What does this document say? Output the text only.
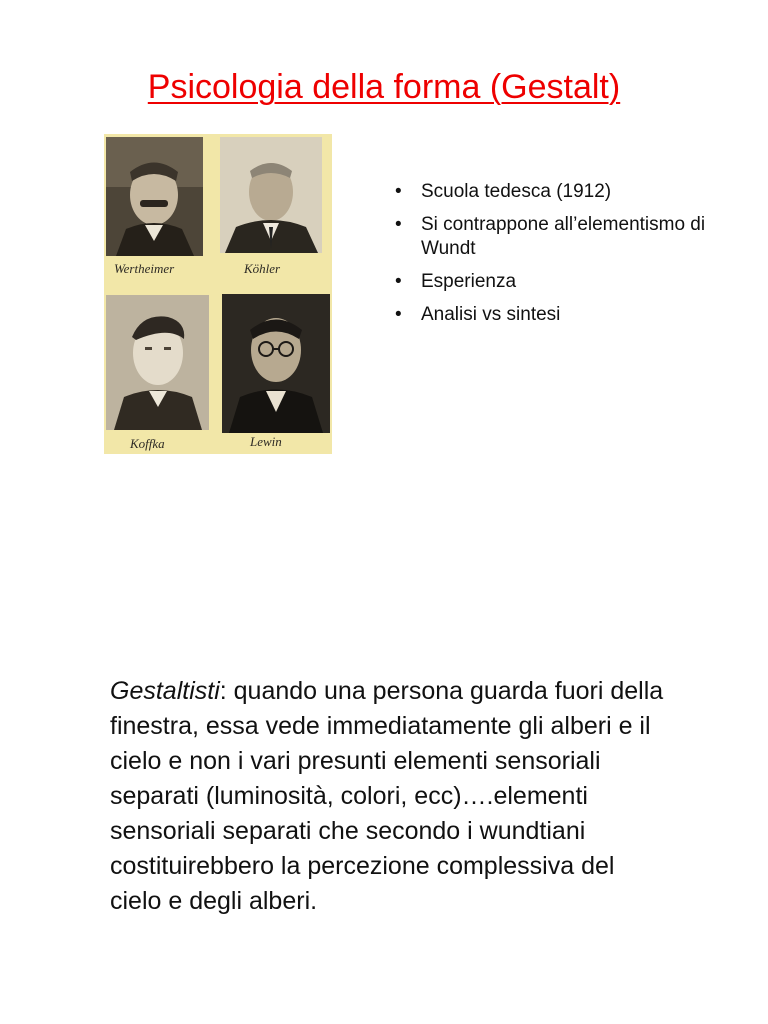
Psicologia della forma (Gestalt)
Wertheimer	Köhler
Koffka	Lewin
• Scuola tedesca (1912)
• Si contrappone all’elementismo di Wundt
• Esperienza
• Analisi vs sintesi

Gestaltisti: quando una persona guarda fuori della finestra, essa vede immediatamente gli alberi e il cielo e non i vari presunti elementi sensoriali separati (luminosità, colori, ecc)….elementi sensoriali separati che secondo i wundtiani costituirebbero la percezione complessiva del cielo e degli alberi.
